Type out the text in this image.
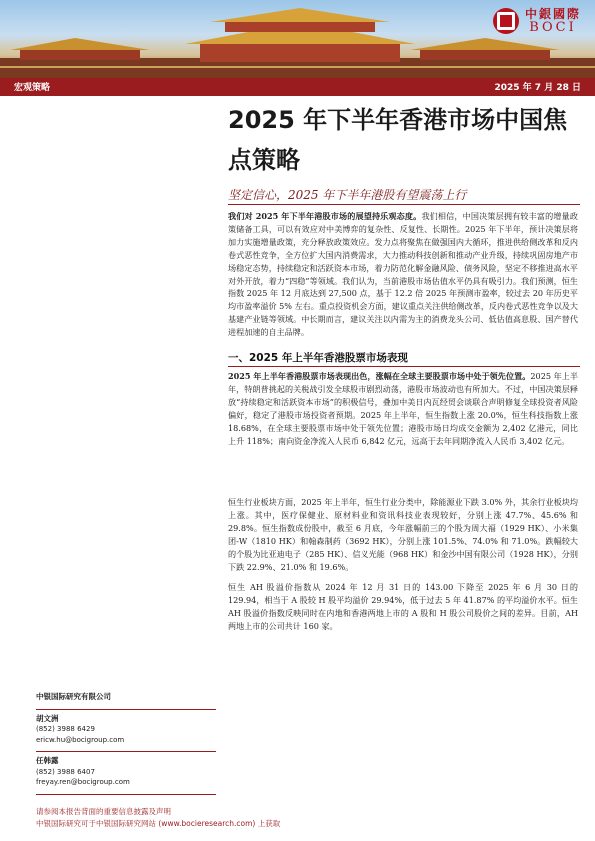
中銀國際
BOCI
宏观策略	2025 年 7 月 28 日
2025 年下半年香港市场中国焦点策略
坚定信心，2025 年下半年港股有望震荡上行

我们对 2025 年下半年港股市场的展望持乐观态度。我们相信，中国决策层拥有较丰富的增量政策储备工具，可以有效应对中美博弈的复杂性、反复性、长期性。2025 年下半年，预计决策层将加力实施增量政策，充分释放政策效应。发力点将聚焦在做强国内大循环，推进供给侧改革和反内卷式恶性竞争，全方位扩大国内消费需求，大力推动科技创新和推动产业升级，持续巩固房地产市场稳定态势，持续稳定和活跃资本市场，着力防范化解金融风险、债务风险，坚定不移推进高水平对外开放，着力“四稳”等领域。我们认为，当前港股市场估值水平仍具有吸引力。我们预测，恒生指数 2025 年 12 月底达到 27,500 点，基于 12.2 倍 2025 年预测市盈率，较过去 20 年历史平均市盈率溢价 5% 左右。重点投资机会方面，建议重点关注供给侧改革，反内卷式恶性竞争以及大基建产业链等领域。中长期而言，建议关注以内需为主的消费龙头公司、低估值高息股、国产替代进程加速的自主品牌。

一、2025 年上半年香港股票市场表现

2025 年上半年香港股票市场表现出色，涨幅在全球主要股票市场中处于领先位置。2025 年上半年，特朗普挑起的关税战引发全球股市剧烈动荡，港股市场波动也有所加大。不过，中国决策层释放“持续稳定和活跃资本市场”的积极信号，叠加中美日内瓦经贸会谈联合声明修复全球投资者风险偏好，稳定了港股市场投资者预期。2025 年上半年，恒生指数上涨 20.0%，恒生科技指数上涨 18.68%，在全球主要股票市场中处于领先位置；港股市场日均成交金额为 2,402 亿港元，同比上升 118%；南向资金净流入人民币 6,842 亿元，远高于去年同期净流入人民币 3,402 亿元。

恒生行业板块方面，2025 年上半年，恒生行业分类中，除能源业下跌 3.0% 外，其余行业板块均上涨。其中，医疗保健业、原材料业和资讯科技业表现较好，分别上涨 47.7%、45.6% 和 29.8%。恒生指数成份股中，截至 6 月底，今年涨幅前三的个股为周大福（1929 HK）、小米集团-W（1810 HK）和翰森制药（3692 HK），分别上涨 101.5%、74.0% 和 71.0%。跌幅较大的个股为比亚迪电子（285 HK）、信义光能（968 HK）和金沙中国有限公司（1928 HK），分别下跌 22.9%、21.0% 和 19.6%。

恒生 AH 股溢价指数从 2024 年 12 月 31 日的 143.00 下降至 2025 年 6 月 30 日的 129.94，相当于 A 股较 H 股平均溢价 29.94%，低于过去 5 年 41.87% 的平均溢价水平。恒生 AH 股溢价指数反映同时在内地和香港两地上市的 A 股和 H 股公司股价之间的差异。目前，AH 两地上市的公司共计 160 家。

中银国际研究有限公司
胡文洲
(852) 3988 6429
ericw.hu@bocigroup.com
任韩露
(852) 3988 6407
freyay.ren@bocigroup.com
请参阅本报告背面的重要信息披露及声明
中银国际研究可于中银国际研究网站 (www.bocieresearch.com) 上获取
